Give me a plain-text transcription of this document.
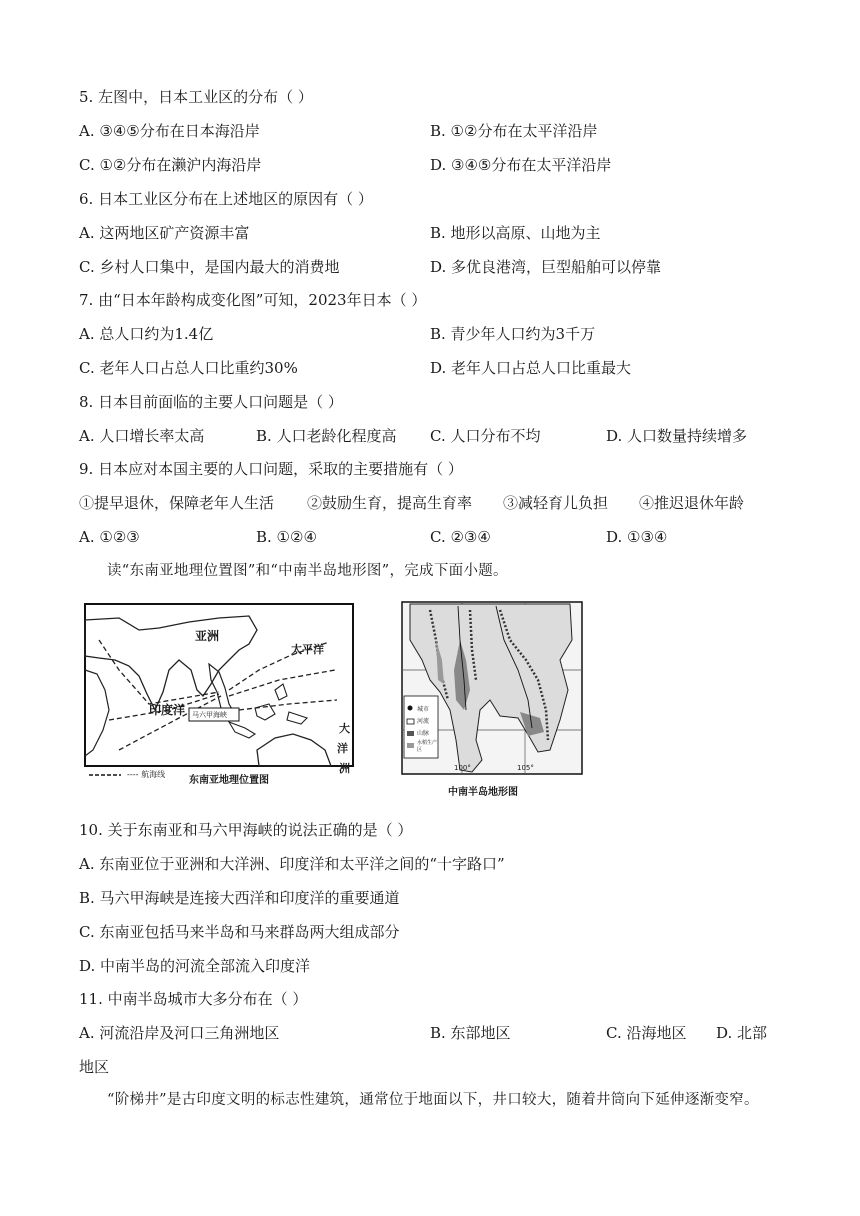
5. 左图中，日本工业区的分布（ ）
A. ③④⑤分布在日本海沿岸	B. ①②分布在太平洋沿岸
C. ①②分布在濑沪内海沿岸	D. ③④⑤分布在太平洋沿岸
6. 日本工业区分布在上述地区的原因有（ ）
A. 这两地区矿产资源丰富	B. 地形以高原、山地为主
C. 乡村人口集中，是国内最大的消费地	D. 多优良港湾，巨型船舶可以停靠
7. 由“日本年龄构成变化图”可知，2023年日本（ ）
A. 总人口约为1.4亿	B. 青少年人口约为3千万
C. 老年人口占总人口比重约30%	D. 老年人口占总人口比重最大
8. 日本目前面临的主要人口问题是（ ）
A. 人口增长率太高	B. 人口老龄化程度高 C. 人口分布不均	D. 人口数量持续增多
9. 日本应对本国主要的人口问题，采取的主要措施有（ ）
①提早退休，保障老年人生活 ②鼓励生育，提高生育率 ③减轻育儿负担 ④推迟退休年龄
A. ①②③	B. ①②④	C. ②③④	D. ①③④
读“东南亚地理位置图”和“中南半岛地形图”，完成下面小题。
亚洲
太平洋
印度洋 马六甲海峡
大
洋
洲
---- 航海线
东南亚地理位置图
城市
河流
山脉
水稻生产区
100°	105°
中南半岛地形图
10. 关于东南亚和马六甲海峡的说法正确的是（ ）
A. 东南亚位于亚洲和大洋洲、印度洋和太平洋之间的“十字路口”
B. 马六甲海峡是连接大西洋和印度洋的重要通道
C. 东南亚包括马来半岛和马来群岛两大组成部分
D. 中南半岛的河流全部流入印度洋
11. 中南半岛城市大多分布在（ ）
A. 河流沿岸及河口三角洲地区	B. 东部地区	C. 沿海地区 D. 北部
地区
“阶梯井”是古印度文明的标志性建筑，通常位于地面以下，井口较大，随着井筒向下延伸逐渐变窄。
